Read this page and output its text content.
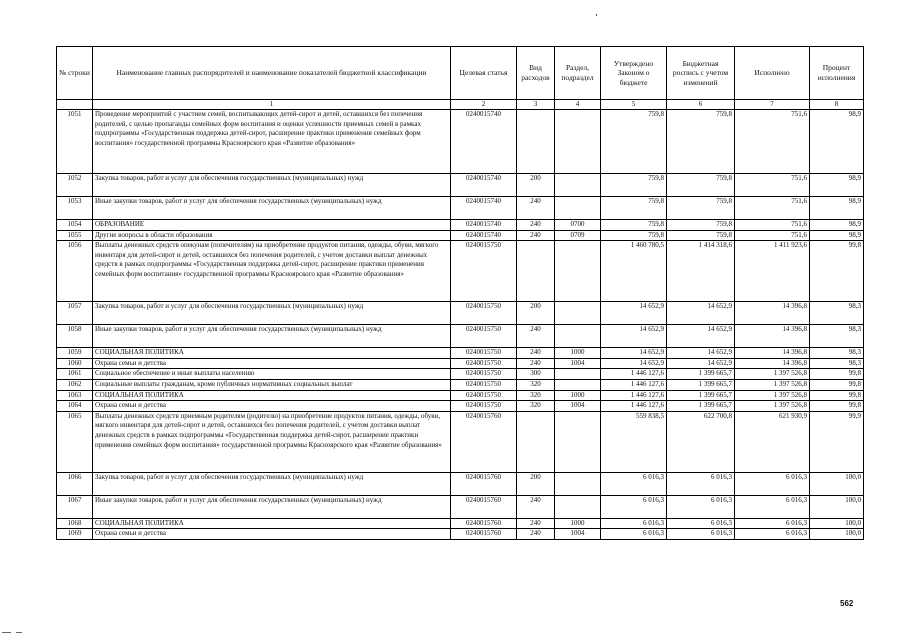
№ строки	Наименование главных распорядителей и наименование показателей бюджетной классификации	Целевая статья	Вид расходов	Раздел, подраздел	Утверждено Законом о бюджете	Бюджетная роспись с учетом изменений	Исполнено	Процент исполнения
	1	2	3	4	5	6	7	8
1051	Проведение мероприятий с участием семей, воспитывающих детей-сирот и детей, оставшихся без попечения родителей, с целью пропаганды семейных форм воспитания и оценки успешности приемных семей в рамках подпрограммы «Государственная поддержка детей-сирот, расширение практики применения семейных форм воспитания» государственной программы Красноярского края «Развитие образования»	0240015740			759,8	759,8	751,6	98,9
1052	Закупка товаров, работ и услуг для обеспечения государственных (муниципальных) нужд	0240015740	200		759,8	759,8	751,6	98,9
1053	Иные закупки товаров, работ и услуг для обеспечения государственных (муниципальных) нужд	0240015740	240		759,8	759,8	751,6	98,9
1054	ОБРАЗОВАНИЕ	0240015740	240	0700	759,8	759,8	751,6	98,9
1055	Другие вопросы в области образования	0240015740	240	0709	759,8	759,8	751,6	98,9
1056	Выплаты денежных средств опекунам (попечителям) на приобретение продуктов питания, одежды, обуви, мягкого инвентаря для детей-сирот и детей, оставшихся без попечения родителей, с учетом доставки выплат денежных средств в рамках подпрограммы «Государственная поддержка детей-сирот, расширение практики применения семейных форм воспитания» государственной программы Красноярского края «Развитие образования»	0240015750			1 460 780,5	1 414 318,6	1 411 923,6	99,8
1057	Закупка товаров, работ и услуг для обеспечения государственных (муниципальных) нужд	0240015750	200		14 652,9	14 652,9	14 396,8	98,3
1058	Иные закупки товаров, работ и услуг для обеспечения государственных (муниципальных) нужд	0240015750	240		14 652,9	14 652,9	14 396,8	98,3
1059	СОЦИАЛЬНАЯ ПОЛИТИКА	0240015750	240	1000	14 652,9	14 652,9	14 396,8	98,3
1060	Охрана семьи и детства	0240015750	240	1004	14 652,9	14 652,9	14 396,8	98,3
1061	Социальное обеспечение и иные выплаты населению	0240015750	300		1 446 127,6	1 399 665,7	1 397 526,8	99,8
1062	Социальные выплаты гражданам, кроме публичных нормативных социальных выплат	0240015750	320		1 446 127,6	1 399 665,7	1 397 526,8	99,8
1063	СОЦИАЛЬНАЯ ПОЛИТИКА	0240015750	320	1000	1 446 127,6	1 399 665,7	1 397 526,8	99,8
1064	Охрана семьи и детства	0240015750	320	1004	1 446 127,6	1 399 665,7	1 397 526,8	99,8
1065	Выплаты денежных средств приемным родителям (родителю) на приобретение продуктов питания, одежды, обуви, мягкого инвентаря для детей-сирот и детей, оставшихся без попечения родителей, с учетом доставки выплат денежных средств в рамках подпрограммы «Государственная поддержка детей-сирот, расширение практики применения семейных форм воспитания» государственной программы Красноярского края «Развитие образования»	0240015760			559 838,5	622 700,8	621 930,9	99,9
1066	Закупка товаров, работ и услуг для обеспечения государственных (муниципальных) нужд	0240015760	200		6 016,3	6 016,3	6 016,3	100,0
1067	Иные закупки товаров, работ и услуг для обеспечения государственных (муниципальных) нужд	0240015760	240		6 016,3	6 016,3	6 016,3	100,0
1068	СОЦИАЛЬНАЯ ПОЛИТИКА	0240015760	240	1000	6 016,3	6 016,3	6 016,3	100,0
1069	Охрана семьи и детства	0240015760	240	1004	6 016,3	6 016,3	6 016,3	100,0
562
